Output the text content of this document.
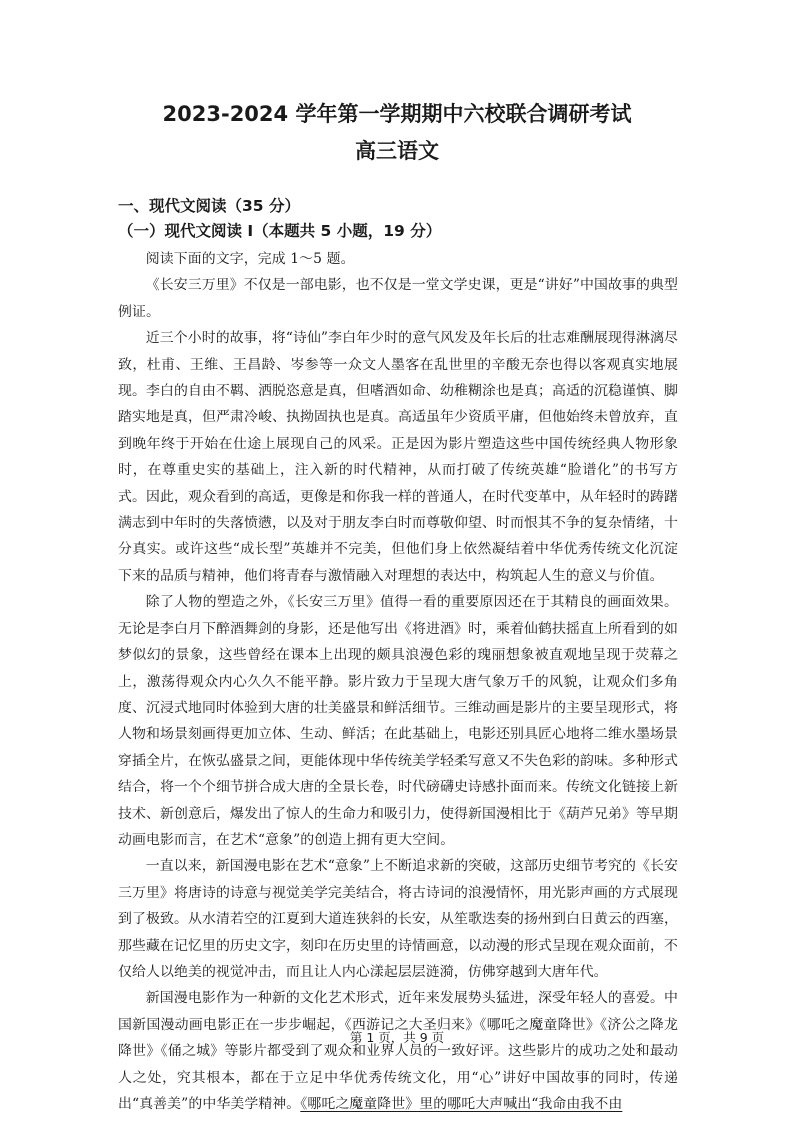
2023-2024 学年第一学期期中六校联合调研考试
高三语文
一、现代文阅读（35 分）
（一）现代文阅读 I（本题共 5 小题，19 分）

阅读下面的文字，完成 1～5 题。

《长安三万里》不仅是一部电影，也不仅是一堂文学史课，更是“讲好”中国故事的典型例证。

近三个小时的故事，将“诗仙”李白年少时的意气风发及年长后的壮志难酬展现得淋漓尽致，杜甫、王维、王昌龄、岑参等一众文人墨客在乱世里的辛酸无奈也得以客观真实地展现。李白的自由不羁、洒脱恣意是真，但嗜酒如命、幼稚糊涂也是真；高适的沉稳谨慎、脚踏实地是真，但严肃冷峻、执拗固执也是真。高适虽年少资质平庸，但他始终未曾放弃，直到晚年终于开始在仕途上展现自己的风采。正是因为影片塑造这些中国传统经典人物形象时，在尊重史实的基础上，注入新的时代精神，从而打破了传统英雄“脸谱化”的书写方式。因此，观众看到的高适，更像是和你我一样的普通人，在时代变革中，从年轻时的踌躇满志到中年时的失落愤懑，以及对于朋友李白时而尊敬仰望、时而恨其不争的复杂情绪，十分真实。或许这些“成长型”英雄并不完美，但他们身上依然凝结着中华优秀传统文化沉淀下来的品质与精神，他们将青春与激情融入对理想的表达中，构筑起人生的意义与价值。

除了人物的塑造之外，《长安三万里》值得一看的重要原因还在于其精良的画面效果。无论是李白月下醉酒舞剑的身影，还是他写出《将进酒》时，乘着仙鹤扶摇直上所看到的如梦似幻的景象，这些曾经在课本上出现的颇具浪漫色彩的瑰丽想象被直观地呈现于荧幕之上，激荡得观众内心久久不能平静。影片致力于呈现大唐气象万千的风貌，让观众们多角度、沉浸式地同时体验到大唐的壮美盛景和鲜活细节。三维动画是影片的主要呈现形式，将人物和场景刻画得更加立体、生动、鲜活；在此基础上，电影还别具匠心地将二维水墨场景穿插全片，在恢弘盛景之间，更能体现中华传统美学轻柔写意又不失色彩的韵味。多种形式结合，将一个个细节拼合成大唐的全景长卷，时代磅礴史诗感扑面而来。传统文化链接上新技术、新创意后，爆发出了惊人的生命力和吸引力，使得新国漫相比于《葫芦兄弟》等早期动画电影而言，在艺术“意象”的创造上拥有更大空间。

一直以来，新国漫电影在艺术“意象”上不断追求新的突破，这部历史细节考究的《长安三万里》将唐诗的诗意与视觉美学完美结合，将古诗词的浪漫情怀，用光影声画的方式展现到了极致。从水清若空的江夏到大道连狭斜的长安，从笙歌迭奏的扬州到白日黄云的西塞，那些藏在记忆里的历史文字，刻印在历史里的诗情画意，以动漫的形式呈现在观众面前，不仅给人以绝美的视觉冲击，而且让人内心漾起层层涟漪，仿佛穿越到大唐年代。

新国漫电影作为一种新的文化艺术形式，近年来发展势头猛进，深受年轻人的喜爱。中国新国漫动画电影正在一步步崛起，《西游记之大圣归来》《哪吒之魔童降世》《济公之降龙降世》《俑之城》等影片都受到了观众和业界人员的一致好评。这些影片的成功之处和最动人之处，究其根本，都在于立足中华优秀传统文化，用“心”讲好中国故事的同时，传递出“真善美”的中华美学精神。《哪吒之魔童降世》里的哪吒大声喊出“我命由我不由

第 1 页，共 9 页
